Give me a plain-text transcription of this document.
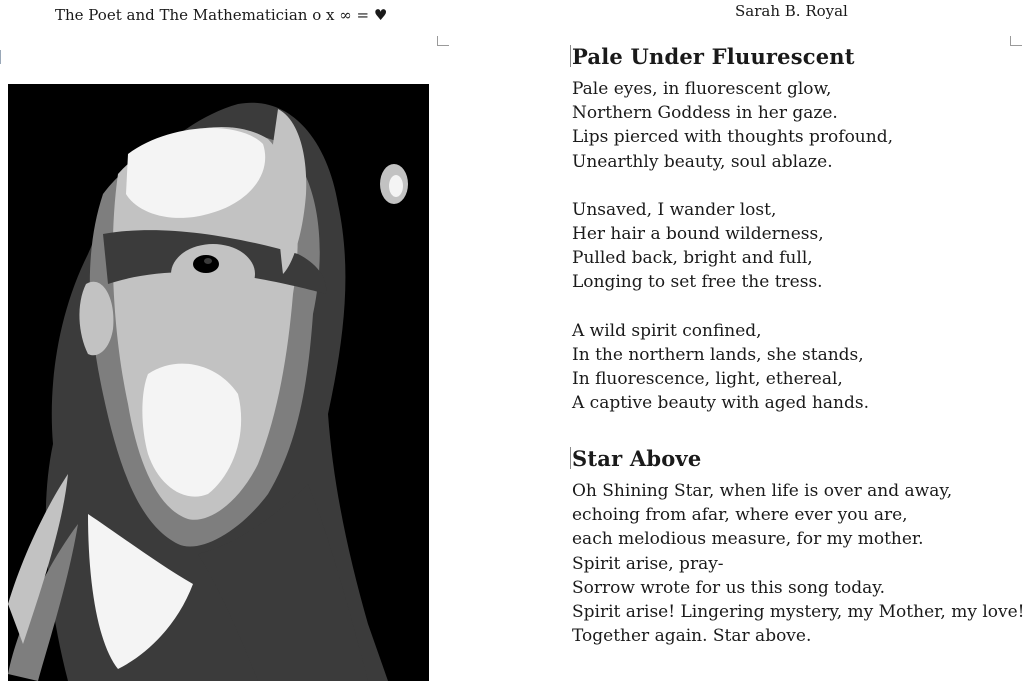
The Poet and The Mathematician o x ∞ = ♥	Sarah B. Royal
Pale Under Fluurescent
Pale eyes, in fluorescent glow,
Northern Goddess in her gaze.
Lips pierced with thoughts profound,
Unearthly beauty, soul ablaze.
Unsaved, I wander lost,
Her hair a bound wilderness,
Pulled back, bright and full,
Longing to set free the tress.
A wild spirit confined,
In the northern lands, she stands,
In fluorescence, light, ethereal,
A captive beauty with aged hands.
Star Above
Oh Shining Star, when life is over and away,
echoing from afar, where ever you are,
each melodious measure, for my mother.
Spirit arise, pray-
Sorrow wrote for us this song today.
Spirit arise! Lingering mystery, my Mother, my love!
Together again. Star above.
